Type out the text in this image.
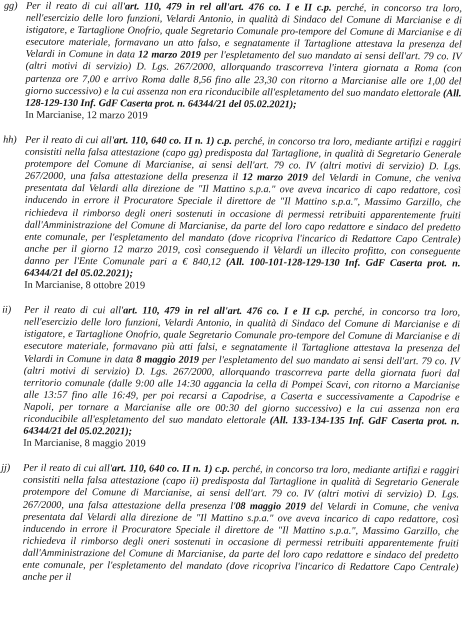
gg) Per il reato di cui all'art. 110, 479 in rel all'art. 476 co. I e II c.p. perché, in concorso tra loro, nell'esercizio delle loro funzioni, Velardi Antonio, in qualità di Sindaco del Comune di Marcianise e di istigatore, e Tartaglione Onofrio, quale Segretario Comunale pro-tempore del Comune di Marcianise e di esecutore materiale, formavano un atto falso, e segnatamente il Tartaglione attestava la presenza del Velardi in Comune in data 12 marzo 2019 per l'espletamento del suo mandato ai sensi dell'art. 79 co. IV (altri motivi di servizio) D. Lgs. 267/2000, allorquando trascorreva l'intera giornata a Roma (con partenza ore 7,00 e arrivo Roma dalle 8,56 fino alle 23,30 con ritorno a Marcianise alle ore 1,00 del giorno successivo) e la cui assenza non era riconducibile all'espletamento del suo mandato elettorale (All. 128-129-130 Inf. GdF Caserta prot. n. 64344/21 del 05.02.2021);

In Marcianise, 12 marzo 2019

hh) Per il reato di cui all'art. 110, 640 co. II n. 1) c.p. perché, in concorso tra loro, mediante artifizi e raggiri consistiti nella falsa attestazione (capo gg) predisposta dal Tartaglione, in qualità di Segretario Generale protempore del Comune di Marcianise, ai sensi dell'art. 79 co. IV (altri motivi di servizio) D. Lgs. 267/2000, una falsa attestazione della presenza il 12 marzo 2019 del Velardi in Comune, che veniva presentata dal Velardi alla direzione de "Il Mattino s.p.a." ove aveva incarico di capo redattore, così inducendo in errore il Procuratore Speciale il direttore de "Il Mattino s.p.a.", Massimo Garzillo, che richiedeva il rimborso degli oneri sostenuti in occasione di permessi retribuiti apparentemente fruiti dall'Amministrazione del Comune di Marcianise, da parte del loro capo redattore e sindaco del predetto ente comunale, per l'espletamento del mandato (dove ricopriva l'incarico di Redattore Capo Centrale) anche per il giorno 12 marzo 2019, così conseguendo il Velardi un illecito profitto, con conseguente danno per l'Ente Comunale pari a € 840,12 (All. 100-101-128-129-130 Inf. GdF Caserta prot. n. 64344/21 del 05.02.2021);

In Marcianise, 8 ottobre 2019

ii)	Per il reato di cui all'art. 110, 479 in rel all'art. 476 co. I e II c.p. perché, in concorso tra loro, nell'esercizio delle loro funzioni, Velardi Antonio, in qualità di Sindaco del Comune di Marcianise e di istigatore, e Tartaglione Onofrio, quale Segretario Comunale pro-tempore del Comune di Marcianise e di esecutore materiale, formavano più atti falsi, e segnatamente il Tartaglione attestava la presenza del Velardi in Comune in data 8 maggio 2019 per l'espletamento del suo mandato ai sensi dell'art. 79 co. IV (altri motivi di servizio) D. Lgs. 267/2000, allorquando trascorreva parte della giornata fuori dal territorio comunale (dalle 9:00 alle 14:30 aggancia la cella di Pompei Scavi, con ritorno a Marcianise alle 13:57 fino alle 16:49, per poi recarsi a Capodrise, a Caserta e successivamente a Capodrise e Napoli, per tornare a Marcianise alle ore 00:30 del giorno successivo) e la cui assenza non era riconducibile all'espletamento del suo mandato elettorale (All. 133-134-135 Inf. GdF Caserta prot. n. 64344/21 del 05.02.2021);

In Marcianise, 8 maggio 2019

jj)	Per il reato di cui all'art. 110, 640 co. II n. 1) c.p. perché, in concorso tra loro, mediante artifizi e raggiri consistiti nella falsa attestazione (capo ii) predisposta dal Tartaglione in qualità di Segretario Generale protempore del Comune di Marcianise, ai sensi dell'art. 79 co. IV (altri motivi di servizio) D. Lgs. 267/2000, una falsa attestazione della presenza l'08 maggio 2019 del Velardi in Comune, che veniva presentata dal Velardi alla direzione de "Il Mattino s.p.a." ove aveva incarico di capo redattore, così inducendo in errore il Procuratore Speciale il direttore de "Il Mattino s.p.a.", Massimo Garzillo, che richiedeva il rimborso degli oneri sostenuti in occasione di permessi retribuiti apparentemente fruiti dall'Amministrazione del Comune di Marcianise, da parte del loro capo redattore e sindaco del predetto ente comunale, per l'espletamento del mandato (dove ricopriva l'incarico di Redattore Capo Centrale) anche per il
